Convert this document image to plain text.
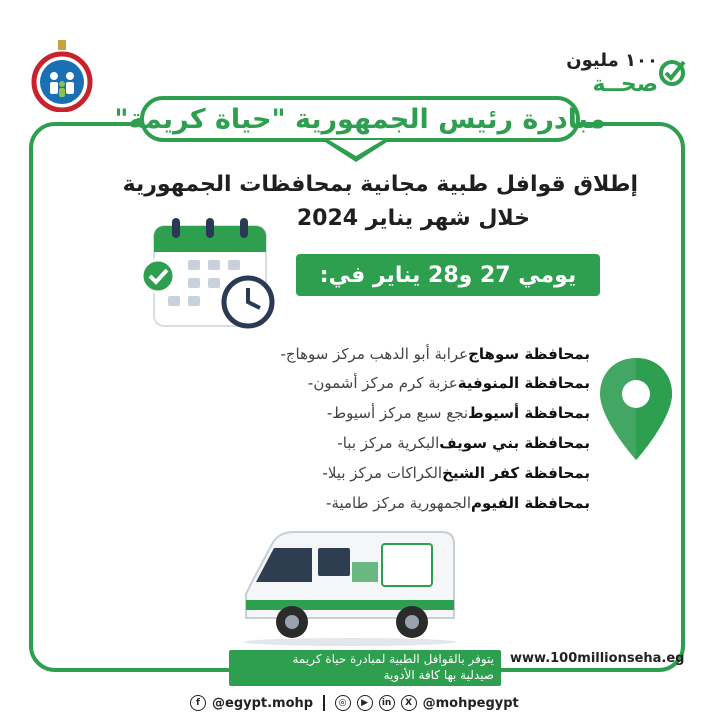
١٠٠ مليون
صحــة
مبادرة رئيس الجمهورية "حياة كريمة"
إطلاق قوافل طبية مجانية بمحافظات الجمهورية
خلال شهر يناير 2024
يومي 27 و28 يناير في:
- عرابة أبو الدهب مركز سوهاج بمحافظة سوهاج
- عزبة كرم مركز أشمون بمحافظة المنوفية
- نجع سبع مركز أسيوط بمحافظة أسيوط
- البكرية مركز ببا بمحافظة بني سويف
- الكراكات مركز بيلا بمحافظة كفر الشيخ
- الجمهورية مركز طامية بمحافظة الفيوم
يتوفر بالقوافل الطبية لمبادرة حياة كريمة
صيدلية بها كافة الأدوية
www.100millionseha.eg
f @egypt.mohp	◎	▶	in	X @mohpegypt
